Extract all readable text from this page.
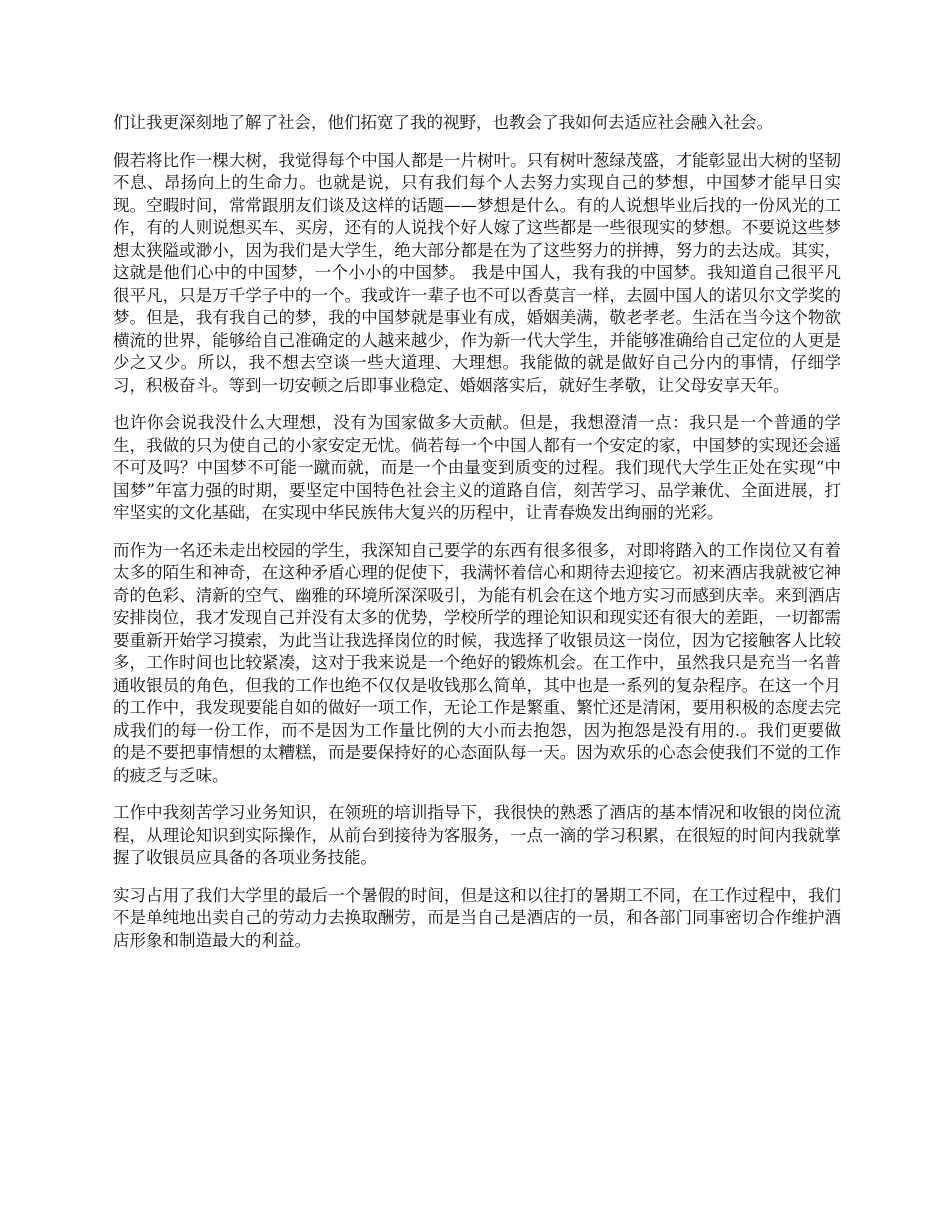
们让我更深刻地了解了社会，他们拓宽了我的视野，也教会了我如何去适应社会融入社会。

假若将比作一棵大树，我觉得每个中国人都是一片树叶。只有树叶葱绿茂盛，才能彰显出大树的坚韧不息、昂扬向上的生命力。也就是说，只有我们每个人去努力实现自己的梦想，中国梦才能早日实现。空暇时间，常常跟朋友们谈及这样的话题——梦想是什么。有的人说想毕业后找的一份风光的工作，有的人则说想买车、买房，还有的人说找个好人嫁了这些都是一些很现实的梦想。不要说这些梦想太狭隘或渺小，因为我们是大学生，绝大部分都是在为了这些努力的拼搏，努力的去达成。其实，这就是他们心中的中国梦，一个小小的中国梦。 我是中国人，我有我的中国梦。我知道自己很平凡很平凡，只是万千学子中的一个。我或许一辈子也不可以香莫言一样，去圆中国人的诺贝尔文学奖的梦。但是，我有我自己的梦，我的中国梦就是事业有成，婚姻美满，敬老孝老。生活在当今这个物欲横流的世界，能够给自己准确定的人越来越少，作为新一代大学生，并能够准确给自己定位的人更是少之又少。所以，我不想去空谈一些大道理、大理想。我能做的就是做好自己分内的事情，仔细学习，积极奋斗。等到一切安顿之后即事业稳定、婚姻落实后，就好生孝敬，让父母安享天年。

也许你会说我没什么大理想，没有为国家做多大贡献。但是，我想澄清一点：我只是一个普通的学生，我做的只为使自己的小家安定无忧。倘若每一个中国人都有一个安定的家，中国梦的实现还会遥不可及吗？中国梦不可能一蹴而就，而是一个由量变到质变的过程。我们现代大学生正处在实现“中国梦”年富力强的时期，要坚定中国特色社会主义的道路自信，刻苦学习、品学兼优、全面进展，打牢坚实的文化基础，在实现中华民族伟大复兴的历程中，让青春焕发出绚丽的光彩。

而作为一名还未走出校园的学生，我深知自己要学的东西有很多很多，对即将踏入的工作岗位又有着太多的陌生和神奇，在这种矛盾心理的促使下，我满怀着信心和期待去迎接它。初来酒店我就被它神奇的色彩、清新的空气、幽雅的环境所深深吸引，为能有机会在这个地方实习而感到庆幸。来到酒店安排岗位，我才发现自己并没有太多的优势，学校所学的理论知识和现实还有很大的差距，一切都需要重新开始学习摸索，为此当让我选择岗位的时候，我选择了收银员这一岗位，因为它接触客人比较多，工作时间也比较紧凑，这对于我来说是一个绝好的锻炼机会。在工作中，虽然我只是充当一名普通收银员的角色，但我的工作也绝不仅仅是收钱那么简单，其中也是一系列的复杂程序。在这一个月的工作中，我发现要能自如的做好一项工作，无论工作是繁重、繁忙还是清闲，要用积极的态度去完成我们的每一份工作，而不是因为工作量比例的大小而去抱怨，因为抱怨是没有用的.。我们更要做的是不要把事情想的太糟糕，而是要保持好的心态面队每一天。因为欢乐的心态会使我们不觉的工作的疲乏与乏味。

工作中我刻苦学习业务知识，在领班的培训指导下，我很快的熟悉了酒店的基本情况和收银的岗位流程，从理论知识到实际操作，从前台到接待为客服务，一点一滴的学习积累，在很短的时间内我就掌握了收银员应具备的各项业务技能。

实习占用了我们大学里的最后一个暑假的时间，但是这和以往打的暑期工不同，在工作过程中，我们不是单纯地出卖自己的劳动力去换取酬劳，而是当自己是酒店的一员，和各部门同事密切合作维护酒店形象和制造最大的利益。
